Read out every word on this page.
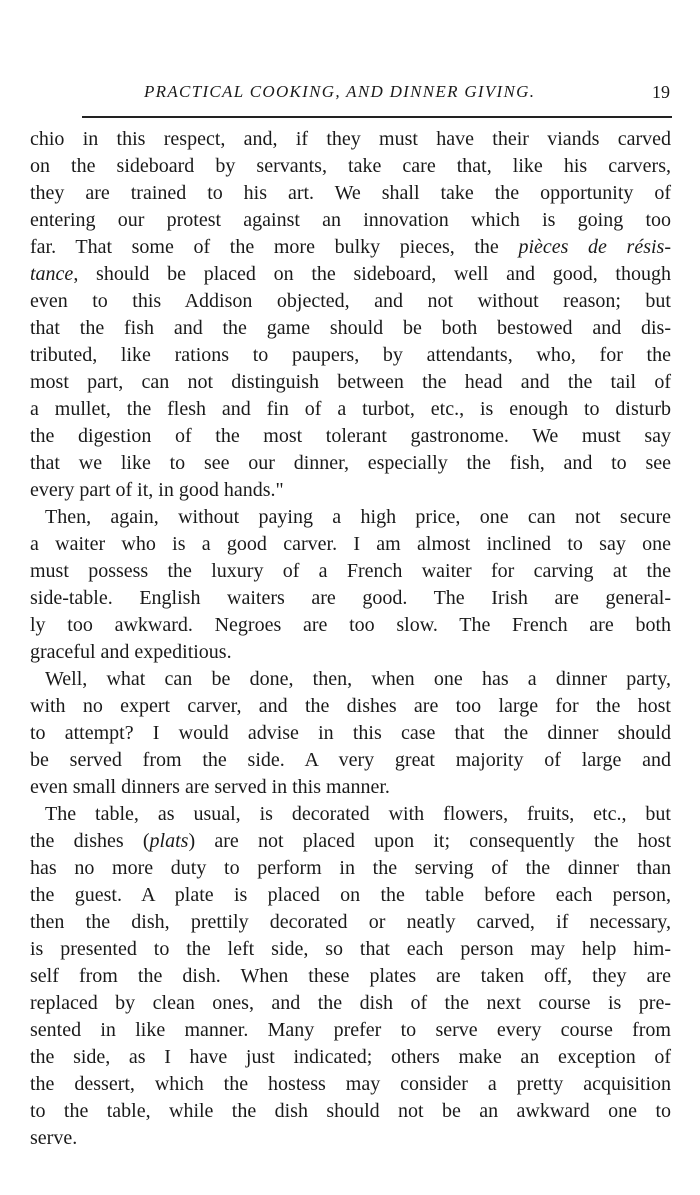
PRACTICAL COOKING, AND DINNER GIVING.	19
chio in this respect, and, if they must have their viands carved
on the sideboard by servants, take care that, like his carvers,
they are trained to his art. We shall take the opportunity of
entering our protest against an innovation which is going too
far. That some of the more bulky pieces, the pièces de résis-
tance, should be placed on the sideboard, well and good, though
even to this Addison objected, and not without reason; but
that the fish and the game should be both bestowed and dis-
tributed, like rations to paupers, by attendants, who, for the
most part, can not distinguish between the head and the tail of
a mullet, the flesh and fin of a turbot, etc., is enough to disturb
the digestion of the most tolerant gastronome. We must say
that we like to see our dinner, especially the fish, and to see
every part of it, in good hands."
Then, again, without paying a high price, one can not secure
a waiter who is a good carver. I am almost inclined to say one
must possess the luxury of a French waiter for carving at the
side-table. English waiters are good. The Irish are general-
ly too awkward. Negroes are too slow. The French are both
graceful and expeditious.
Well, what can be done, then, when one has a dinner party,
with no expert carver, and the dishes are too large for the host
to attempt? I would advise in this case that the dinner should
be served from the side. A very great majority of large and
even small dinners are served in this manner.
The table, as usual, is decorated with flowers, fruits, etc., but
the dishes (plats) are not placed upon it; consequently the host
has no more duty to perform in the serving of the dinner than
the guest. A plate is placed on the table before each person,
then the dish, prettily decorated or neatly carved, if necessary,
is presented to the left side, so that each person may help him-
self from the dish. When these plates are taken off, they are
replaced by clean ones, and the dish of the next course is pre-
sented in like manner. Many prefer to serve every course from
the side, as I have just indicated; others make an exception of
the dessert, which the hostess may consider a pretty acquisition
to the table, while the dish should not be an awkward one to
serve.
